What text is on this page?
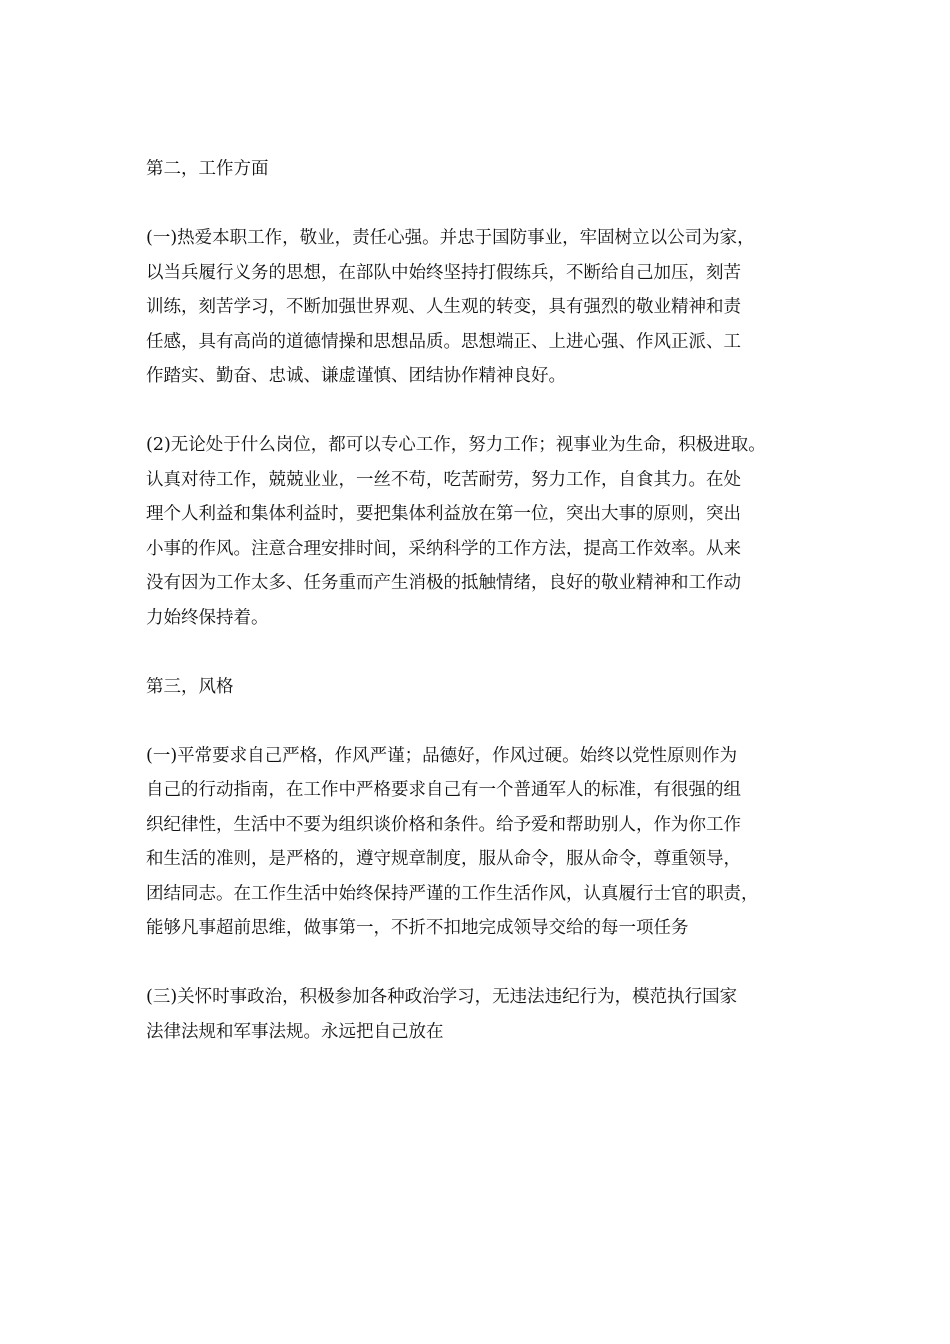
第二，工作方面
(一)热爱本职工作，敬业，责任心强。并忠于国防事业，牢固树立以公司为家，
以当兵履行义务的思想，在部队中始终坚持打假练兵，不断给自己加压，刻苦
训练，刻苦学习，不断加强世界观、人生观的转变，具有强烈的敬业精神和责
任感，具有高尚的道德情操和思想品质。思想端正、上进心强、作风正派、工
作踏实、勤奋、忠诚、谦虚谨慎、团结协作精神良好。
(2)无论处于什么岗位，都可以专心工作，努力工作；视事业为生命，积极进取。
认真对待工作，兢兢业业，一丝不苟，吃苦耐劳，努力工作，自食其力。在处
理个人利益和集体利益时，要把集体利益放在第一位，突出大事的原则，突出
小事的作风。注意合理安排时间，采纳科学的工作方法，提高工作效率。从来
没有因为工作太多、任务重而产生消极的抵触情绪，良好的敬业精神和工作动
力始终保持着。
第三，风格
(一)平常要求自己严格，作风严谨；品德好，作风过硬。始终以党性原则作为
自己的行动指南，在工作中严格要求自己有一个普通军人的标准，有很强的组
织纪律性，生活中不要为组织谈价格和条件。给予爱和帮助别人，作为你工作
和生活的准则，是严格的，遵守规章制度，服从命令，服从命令，尊重领导，
团结同志。在工作生活中始终保持严谨的工作生活作风，认真履行士官的职责，
能够凡事超前思维，做事第一，不折不扣地完成领导交给的每一项任务
(三)关怀时事政治，积极参加各种政治学习，无违法违纪行为，模范执行国家
法律法规和军事法规。永远把自己放在
